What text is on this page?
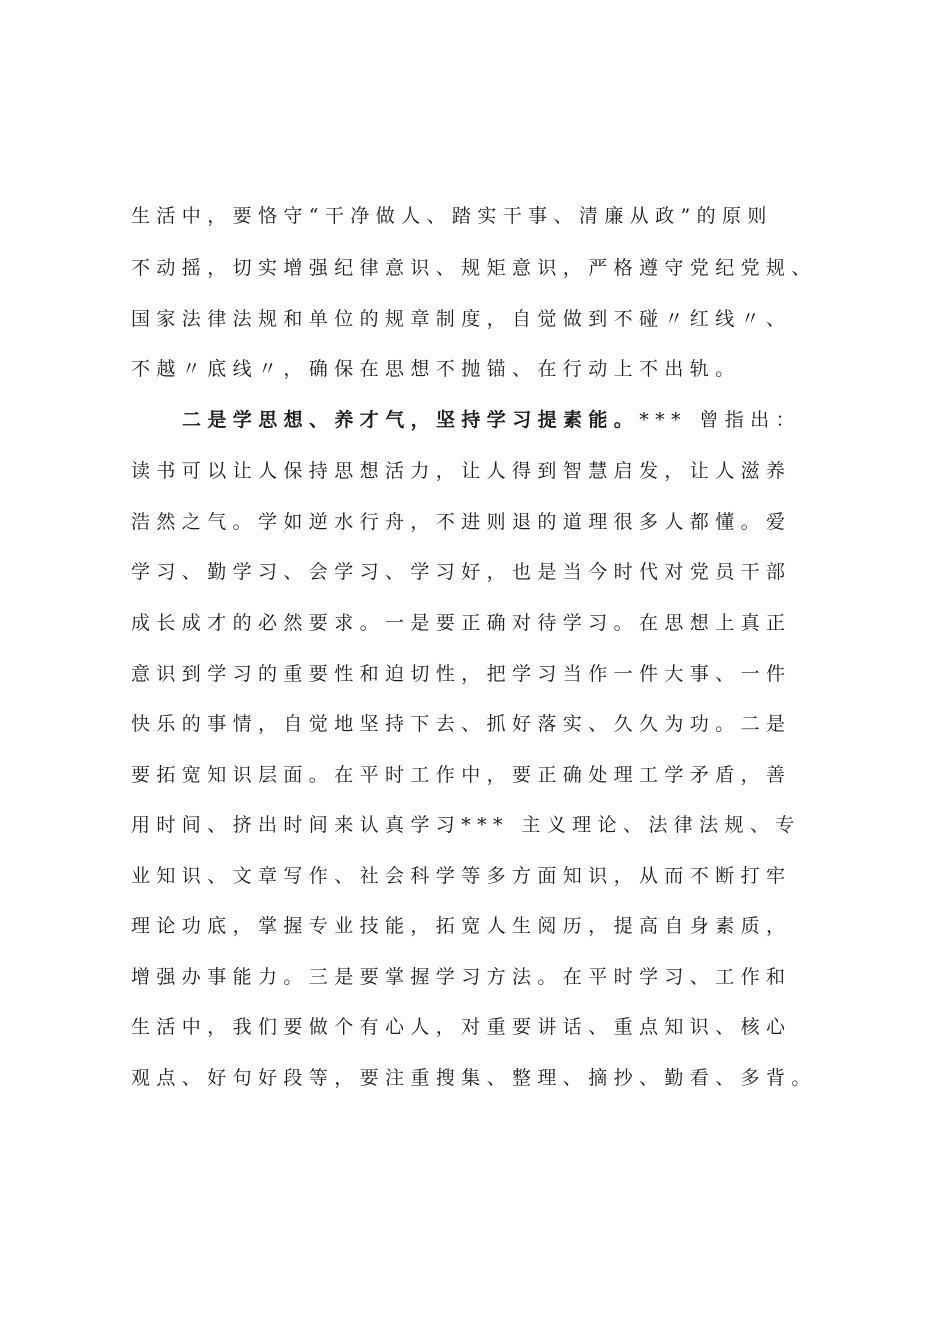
生活中，要恪守“干净做人、踏实干事、清廉从政”的原则
不动摇，切实增强纪律意识、规矩意识，严格遵守党纪党规、
国家法律法规和单位的规章制度，自觉做到不碰〃红线〃、
不越〃底线〃，确保在思想不抛锚、在行动上不出轨。
二是学思想、养才气，坚持学习提素能。*** 曾指出：
读书可以让人保持思想活力，让人得到智慧启发，让人滋养
浩然之气。学如逆水行舟，不进则退的道理很多人都懂。爱
学习、勤学习、会学习、学习好，也是当今时代对党员干部
成长成才的必然要求。一是要正确对待学习。在思想上真正
意识到学习的重要性和迫切性，把学习当作一件大事、一件
快乐的事情，自觉地坚持下去、抓好落实、久久为功。二是
要拓宽知识层面。在平时工作中，要正确处理工学矛盾，善
用时间、挤出时间来认真学习*** 主义理论、法律法规、专
业知识、文章写作、社会科学等多方面知识，从而不断打牢
理论功底，掌握专业技能，拓宽人生阅历，提高自身素质，
增强办事能力。三是要掌握学习方法。在平时学习、工作和
生活中，我们要做个有心人，对重要讲话、重点知识、核心
观点、好句好段等，要注重搜集、整理、摘抄、勤看、多背。
